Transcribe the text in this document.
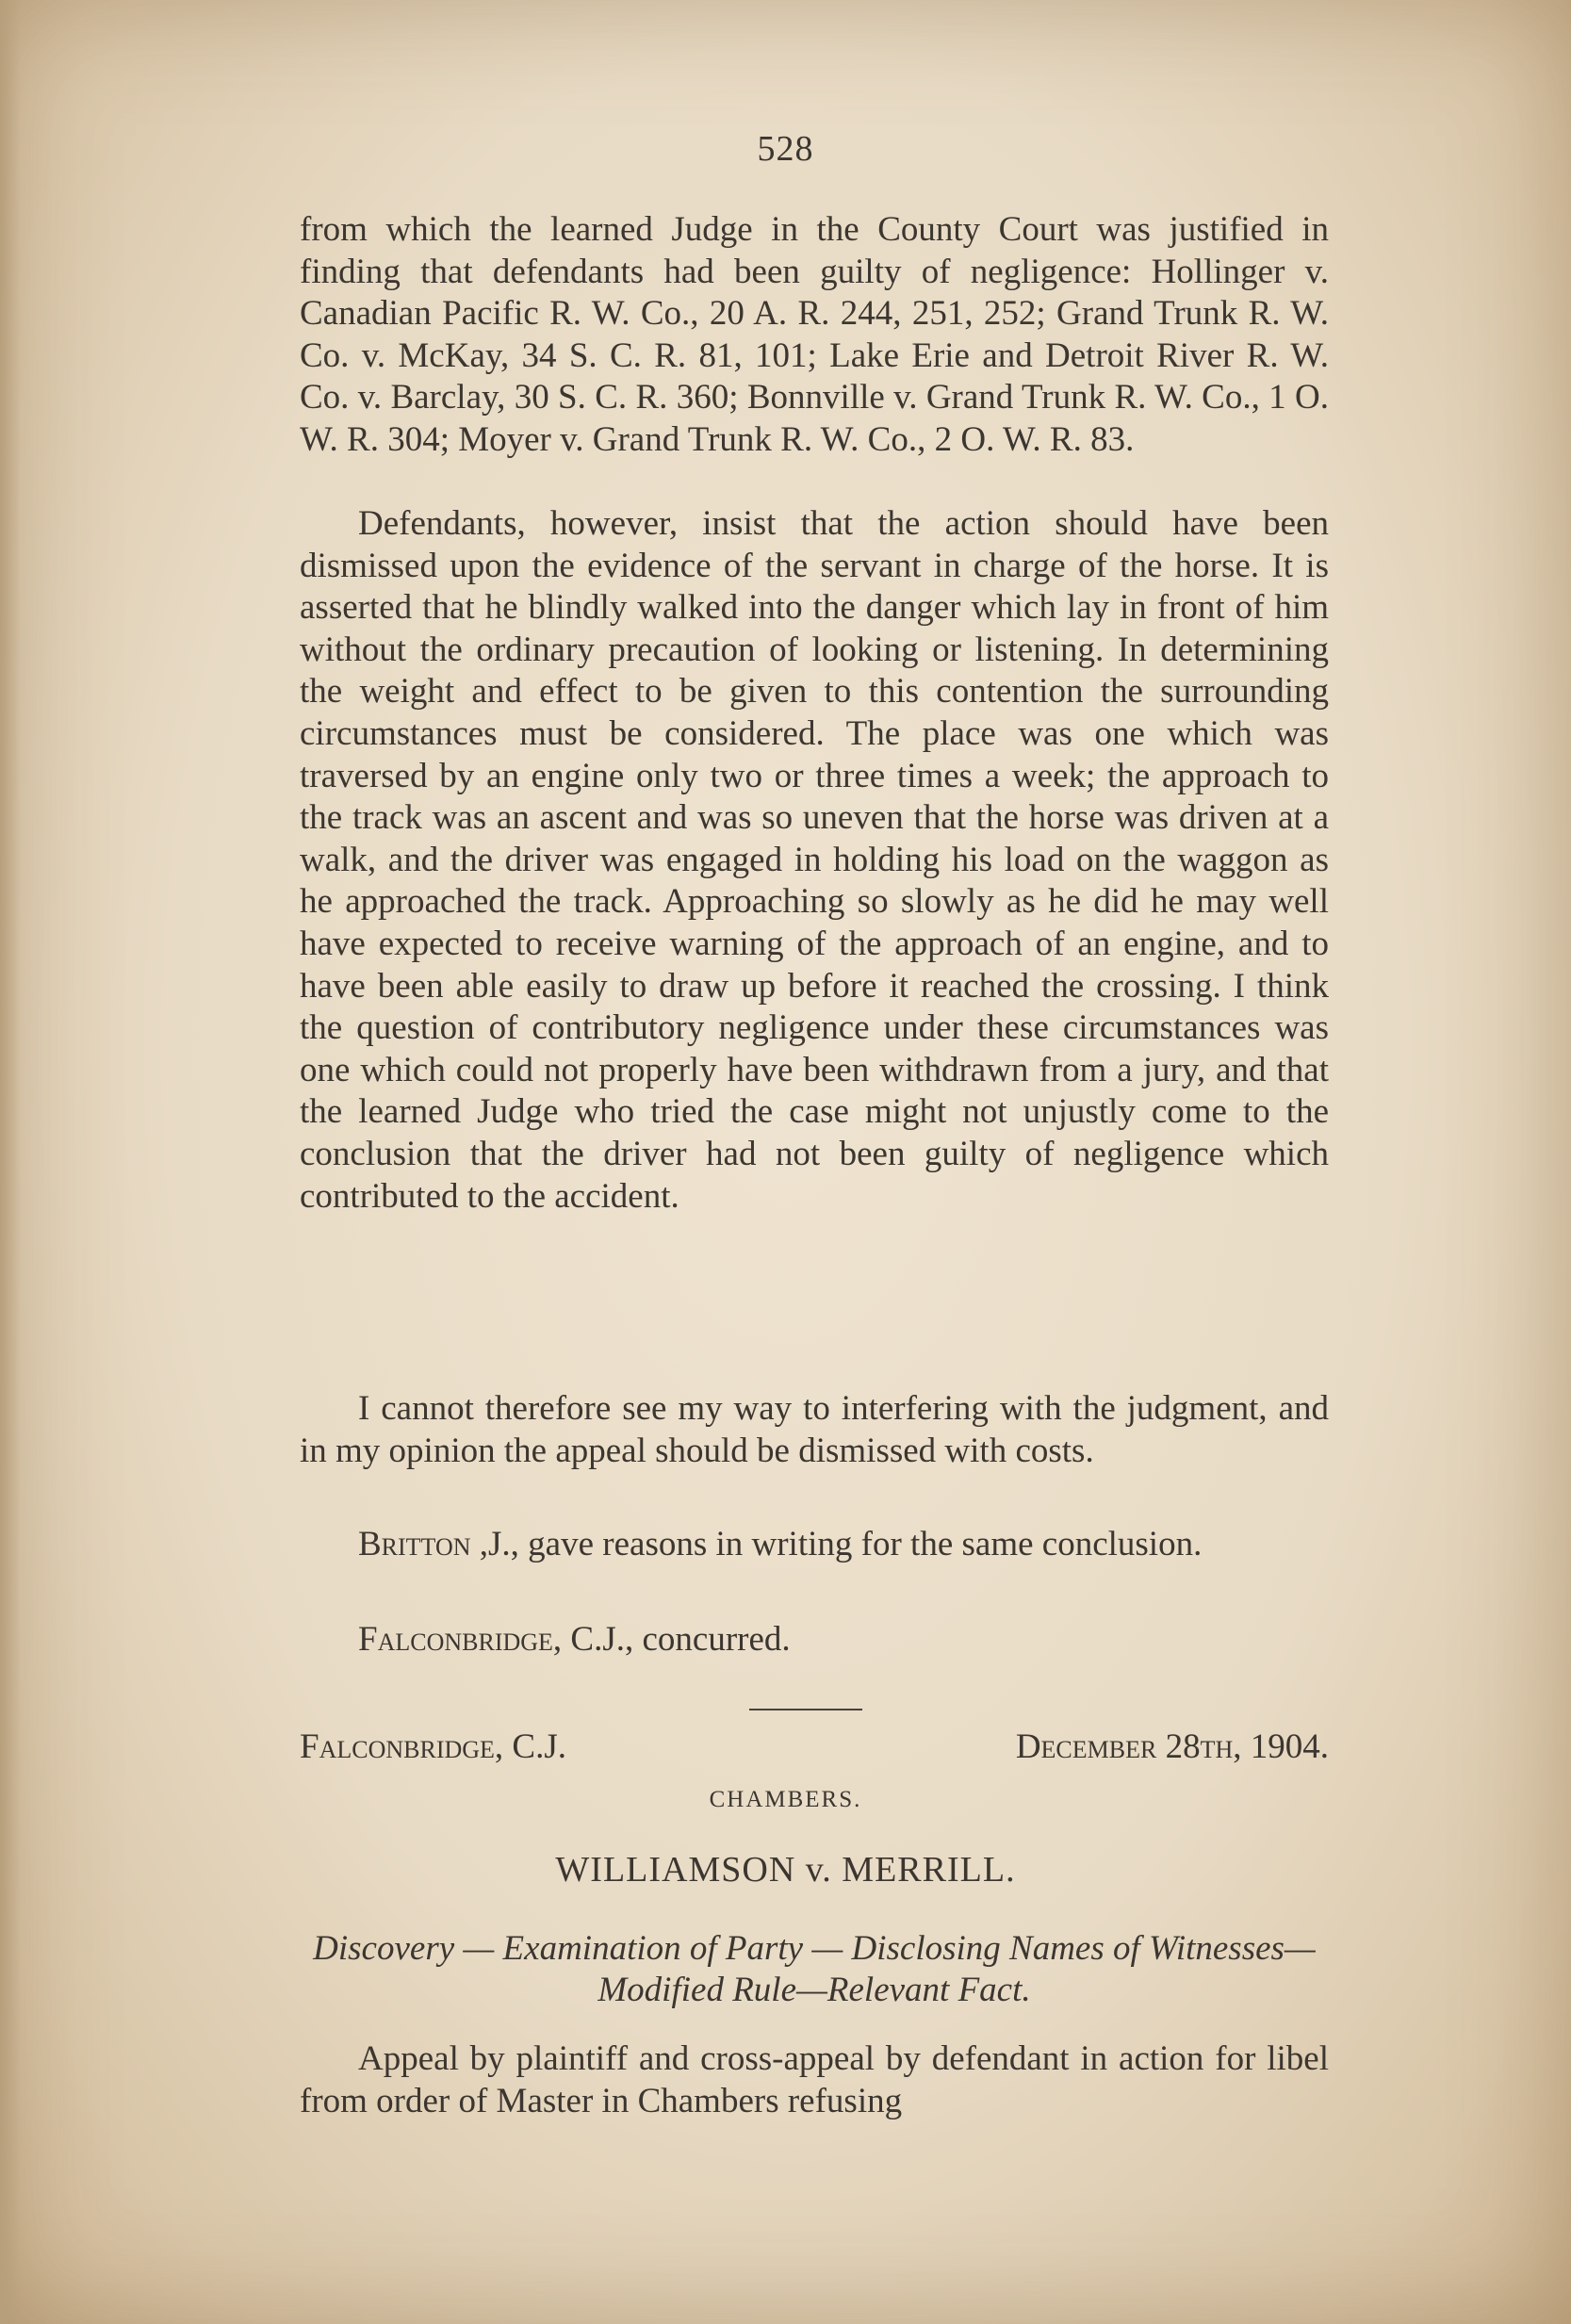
528

from which the learned Judge in the County Court was justified in finding that defendants had been guilty of negligence: Hollinger v. Canadian Pacific R. W. Co., 20 A. R. 244, 251, 252; Grand Trunk R. W. Co. v. McKay, 34 S. C. R. 81, 101; Lake Erie and Detroit River R. W. Co. v. Barclay, 30 S. C. R. 360; Bonnville v. Grand Trunk R. W. Co., 1 O. W. R. 304; Moyer v. Grand Trunk R. W. Co., 2 O. W. R. 83.

Defendants, however, insist that the action should have been dismissed upon the evidence of the servant in charge of the horse. It is asserted that he blindly walked into the danger which lay in front of him without the ordinary precaution of looking or listening. In determining the weight and effect to be given to this contention the surrounding circumstances must be considered. The place was one which was traversed by an engine only two or three times a week; the approach to the track was an ascent and was so uneven that the horse was driven at a walk, and the driver was engaged in holding his load on the waggon as he approached the track. Approaching so slowly as he did he may well have expected to receive warning of the approach of an engine, and to have been able easily to draw up before it reached the crossing. I think the question of contributory negligence under these circumstances was one which could not properly have been withdrawn from a jury, and that the learned Judge who tried the case might not unjustly come to the conclusion that the driver had not been guilty of negligence which contributed to the accident.

I cannot therefore see my way to interfering with the judgment, and in my opinion the appeal should be dismissed with costs.

Britton ,J., gave reasons in writing for the same conclusion.

Falconbridge, C.J., concurred.

Falconbridge, C.J.	December 28th, 1904.
CHAMBERS.
WILLIAMSON v. MERRILL.
Discovery — Examination of Party — Disclosing Names of Witnesses—Modified Rule—Relevant Fact.

Appeal by plaintiff and cross-appeal by defendant in action for libel from order of Master in Chambers refusing
